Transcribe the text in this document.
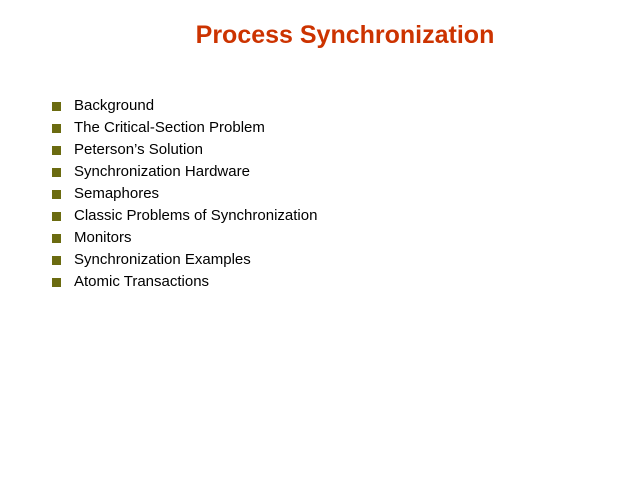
Process Synchronization
Background
The Critical-Section Problem
Peterson’s Solution
Synchronization Hardware
Semaphores
Classic Problems of Synchronization
Monitors
Synchronization Examples
Atomic Transactions
